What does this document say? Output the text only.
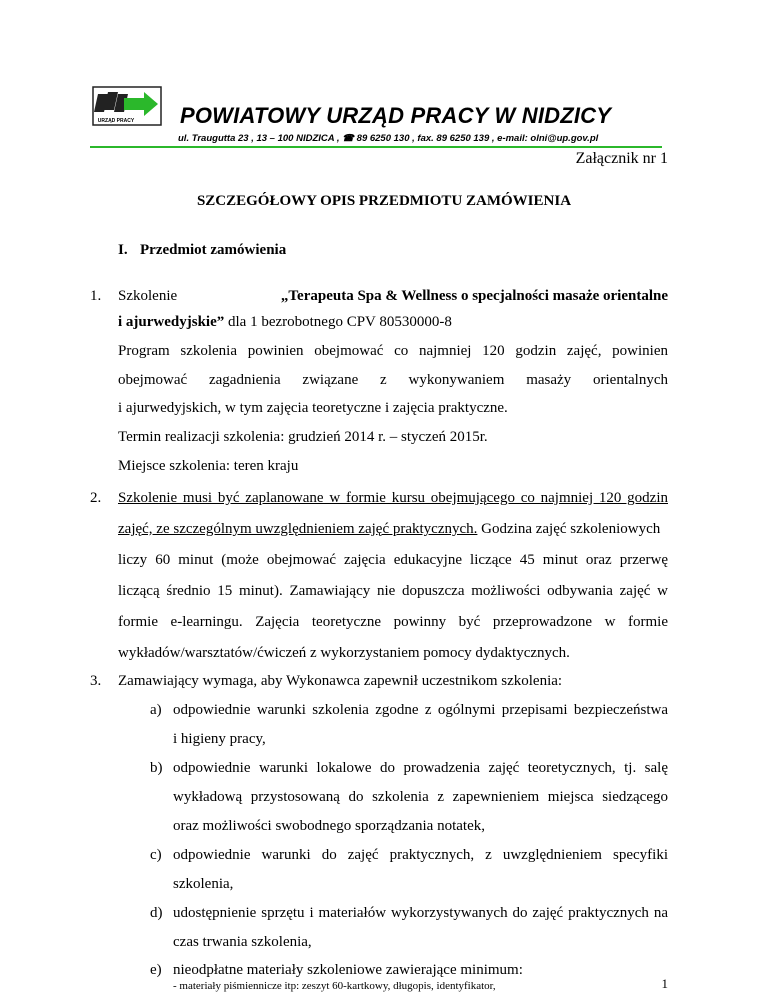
URZĄD PRACY POWIATOWY URZĄD PRACY W NIDZICY
ul. Traugutta 23 , 13 – 100 NIDZICA , ☎ 89 6250 130 , fax. 89 6250 139 , e-mail: olni@up.gov.pl
Załącznik nr 1
SZCZEGÓŁOWY OPIS PRZEDMIOTU ZAMÓWIENIA
I. Przedmiot zamówienia
1. Szkolenie	„Terapeuta Spa & Wellness o specjalności masaże orientalne
i ajurwedyjskie” dla 1 bezrobotnego CPV 80530000-8
Program szkolenia powinien obejmować co najmniej 120 godzin zajęć, powinien
obejmować zagadnienia związane z wykonywaniem masaży orientalnych
i ajurwedyjskich, w tym zajęcia teoretyczne i zajęcia praktyczne.
Termin realizacji szkolenia: grudzień 2014 r. – styczeń 2015r.
Miejsce szkolenia: teren kraju
2. Szkolenie musi być zaplanowane w formie kursu obejmującego co najmniej 120 godzin
zajęć, ze szczególnym uwzględnieniem zajęć praktycznych. Godzina zajęć szkoleniowych
liczy 60 minut (może obejmować zajęcia edukacyjne liczące 45 minut oraz przerwę
liczącą średnio 15 minut). Zamawiający nie dopuszcza możliwości odbywania zajęć w
formie e-learningu. Zajęcia teoretyczne powinny być przeprowadzone w formie
wykładów/warsztatów/ćwiczeń z wykorzystaniem pomocy dydaktycznych.
3. Zamawiający wymaga, aby Wykonawca zapewnił uczestnikom szkolenia:
a) odpowiednie warunki szkolenia zgodne z ogólnymi przepisami bezpieczeństwa
i higieny pracy,
b) odpowiednie warunki lokalowe do prowadzenia zajęć teoretycznych, tj. salę
wykładową przystosowaną do szkolenia z zapewnieniem miejsca siedzącego
oraz możliwości swobodnego sporządzania notatek,
c) odpowiednie warunki do zajęć praktycznych, z uwzględnieniem specyfiki
szkolenia,
d) udostępnienie sprzętu i materiałów wykorzystywanych do zajęć praktycznych na
czas trwania szkolenia,
e) nieodpłatne materiały szkoleniowe zawierające minimum:
- materiały piśmiennicze itp: zeszyt 60-kartkowy, długopis, identyfikator,	1
